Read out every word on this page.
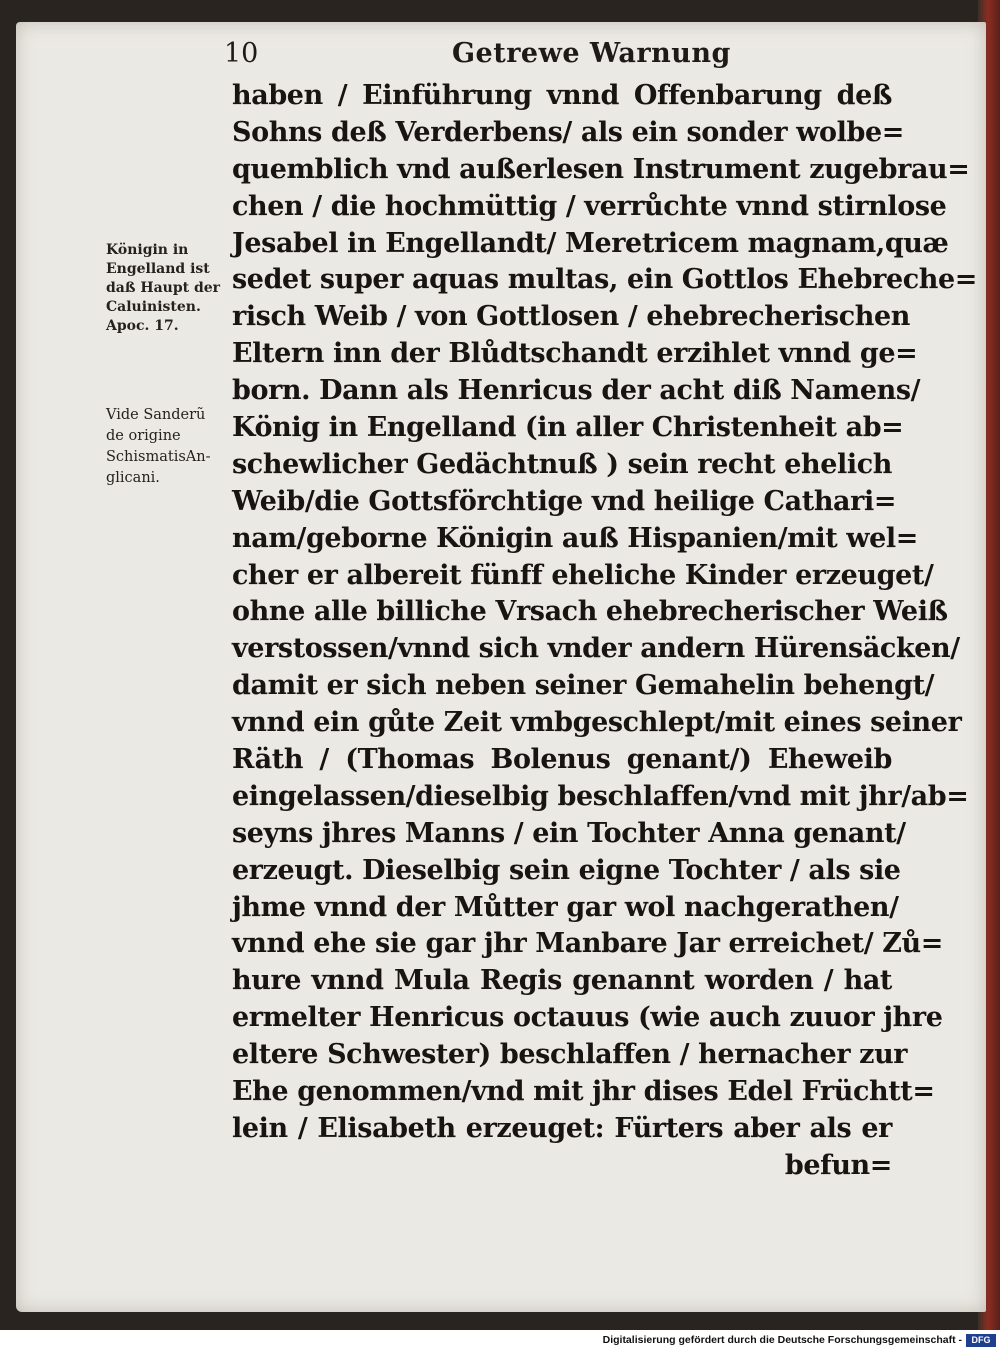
10	Getrewe Warnung
Königin in
Engelland ist
daß Haupt der
Caluinisten.
Apoc. 17.
Vide Sanderũ
de origine
SchismatisAn-
glicani.
haben / Einführung vnnd Offenbarung deß
Sohns deß Verderbens/ als ein sonder wolbe=
quemblich vnd außerlesen Instrument zugebrau=
chen / die hochmüttig / verrůchte vnnd stirnlose
Jesabel in Engellandt/ Meretricem magnam,quæ
sedet super aquas multas, ein Gottlos Ehebreche=
risch Weib / von Gottlosen / ehebrecherischen
Eltern inn der Blůdtschandt erzihlet vnnd ge=
born. Dann als Henricus der acht diß Namens/
König in Engelland (in aller Christenheit ab=
schewlicher Gedächtnuß ) sein recht ehelich
Weib/die Gottsförchtige vnd heilige Cathari=
nam/geborne Königin auß Hispanien/mit wel=
cher er albereit fünff eheliche Kinder erzeuget/
ohne alle billiche Vrsach ehebrecherischer Weiß
verstossen/vnnd sich vnder andern Hürensäcken/
damit er sich neben seiner Gemahelin behengt/
vnnd ein gůte Zeit vmbgeschlept/mit eines seiner
Räth / (Thomas Bolenus genant/) Eheweib
eingelassen/dieselbig beschlaffen/vnd mit jhr/ab=
seyns jhres Manns / ein Tochter Anna genant/
erzeugt. Dieselbig sein eigne Tochter / als sie
jhme vnnd der Můtter gar wol nachgerathen/
vnnd ehe sie gar jhr Manbare Jar erreichet/ Zů=
hure vnnd Mula Regis genannt worden / hat
ermelter Henricus octauus (wie auch zuuor jhre
eltere Schwester) beschlaffen / hernacher zur
Ehe genommen/vnd mit jhr dises Edel Früchtt=
lein / Elisabeth erzeuget: Fürters aber als er
befun=
Digitalisierung gefördert durch die Deutsche Forschungsgemeinschaft -	DFG
